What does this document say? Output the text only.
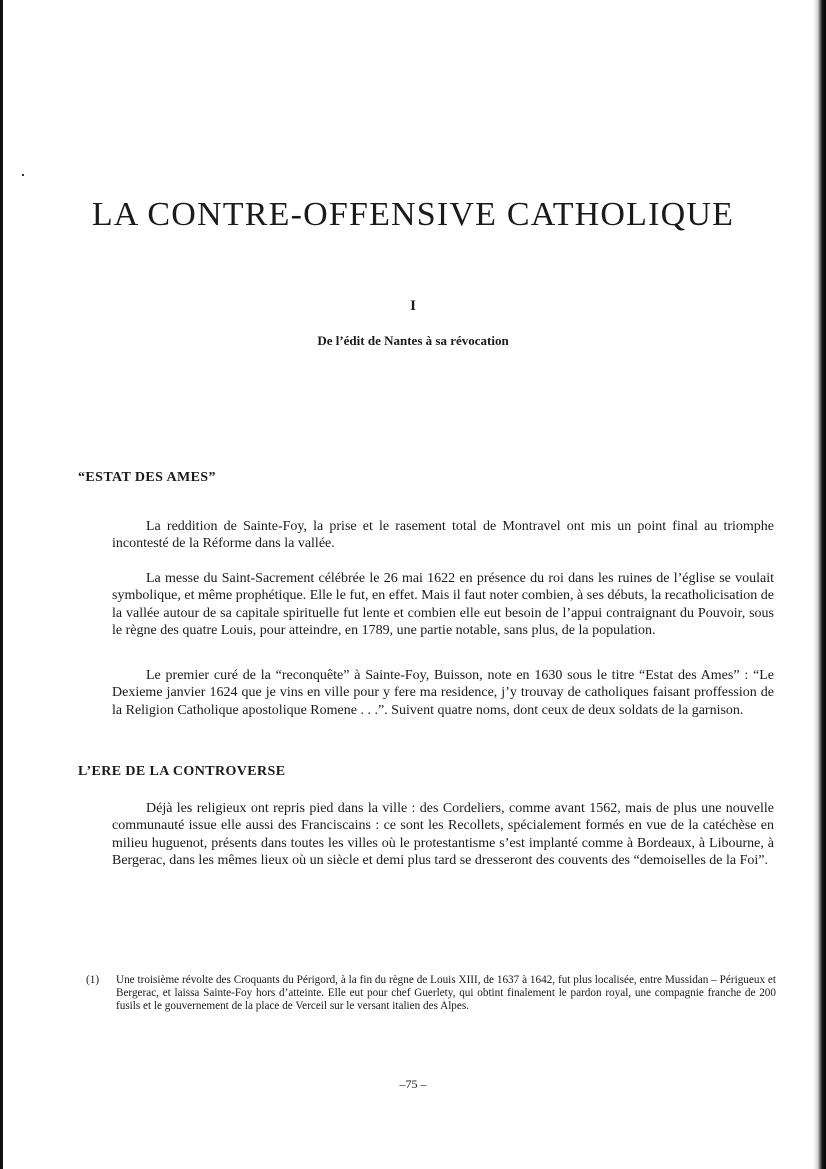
LA CONTRE-OFFENSIVE CATHOLIQUE
I
De l’édit de Nantes à sa révocation
“ESTAT DES AMES”

La reddition de Sainte-Foy, la prise et le rasement total de Montravel ont mis un point final au triomphe incontesté de la Réforme dans la vallée.

La messe du Saint-Sacrement célébrée le 26 mai 1622 en présence du roi dans les ruines de l’église se voulait symbolique, et même prophétique. Elle le fut, en effet. Mais il faut noter combien, à ses débuts, la recatholicisation de la vallée autour de sa capitale spirituelle fut lente et combien elle eut besoin de l’appui contraignant du Pouvoir, sous le règne des quatre Louis, pour atteindre, en 1789, une partie notable, sans plus, de la population.

Le premier curé de la “reconquête” à Sainte-Foy, Buisson, note en 1630 sous le titre “Estat des Ames” : “Le Dexieme janvier 1624 que je vins en ville pour y fere ma residence, j’y trouvay de catholiques faisant proffession de la Religion Catholique apostolique Romene . . .”. Suivent quatre noms, dont ceux de deux soldats de la garnison.

L’ERE DE LA CONTROVERSE

Déjà les religieux ont repris pied dans la ville : des Cordeliers, comme avant 1562, mais de plus une nouvelle communauté issue elle aussi des Franciscains : ce sont les Recollets, spécialement formés en vue de la catéchèse en milieu huguenot, présents dans toutes les villes où le protestantisme s’est implanté comme à Bordeaux, à Libourne, à Bergerac, dans les mêmes lieux où un siècle et demi plus tard se dresseront des couvents des “demoiselles de la Foi”.

(1) Une troisième révolte des Croquants du Périgord, à la fin du règne de Louis XIII, de 1637 à 1642, fut plus localisée, entre Mussidan – Périgueux et Bergerac, et laissa Sainte-Foy hors d’atteinte. Elle eut pour chef Guerlety, qui obtint finalement le pardon royal, une compagnie franche de 200 fusils et le gouvernement de la place de Verceil sur le versant italien des Alpes.
–75 –
